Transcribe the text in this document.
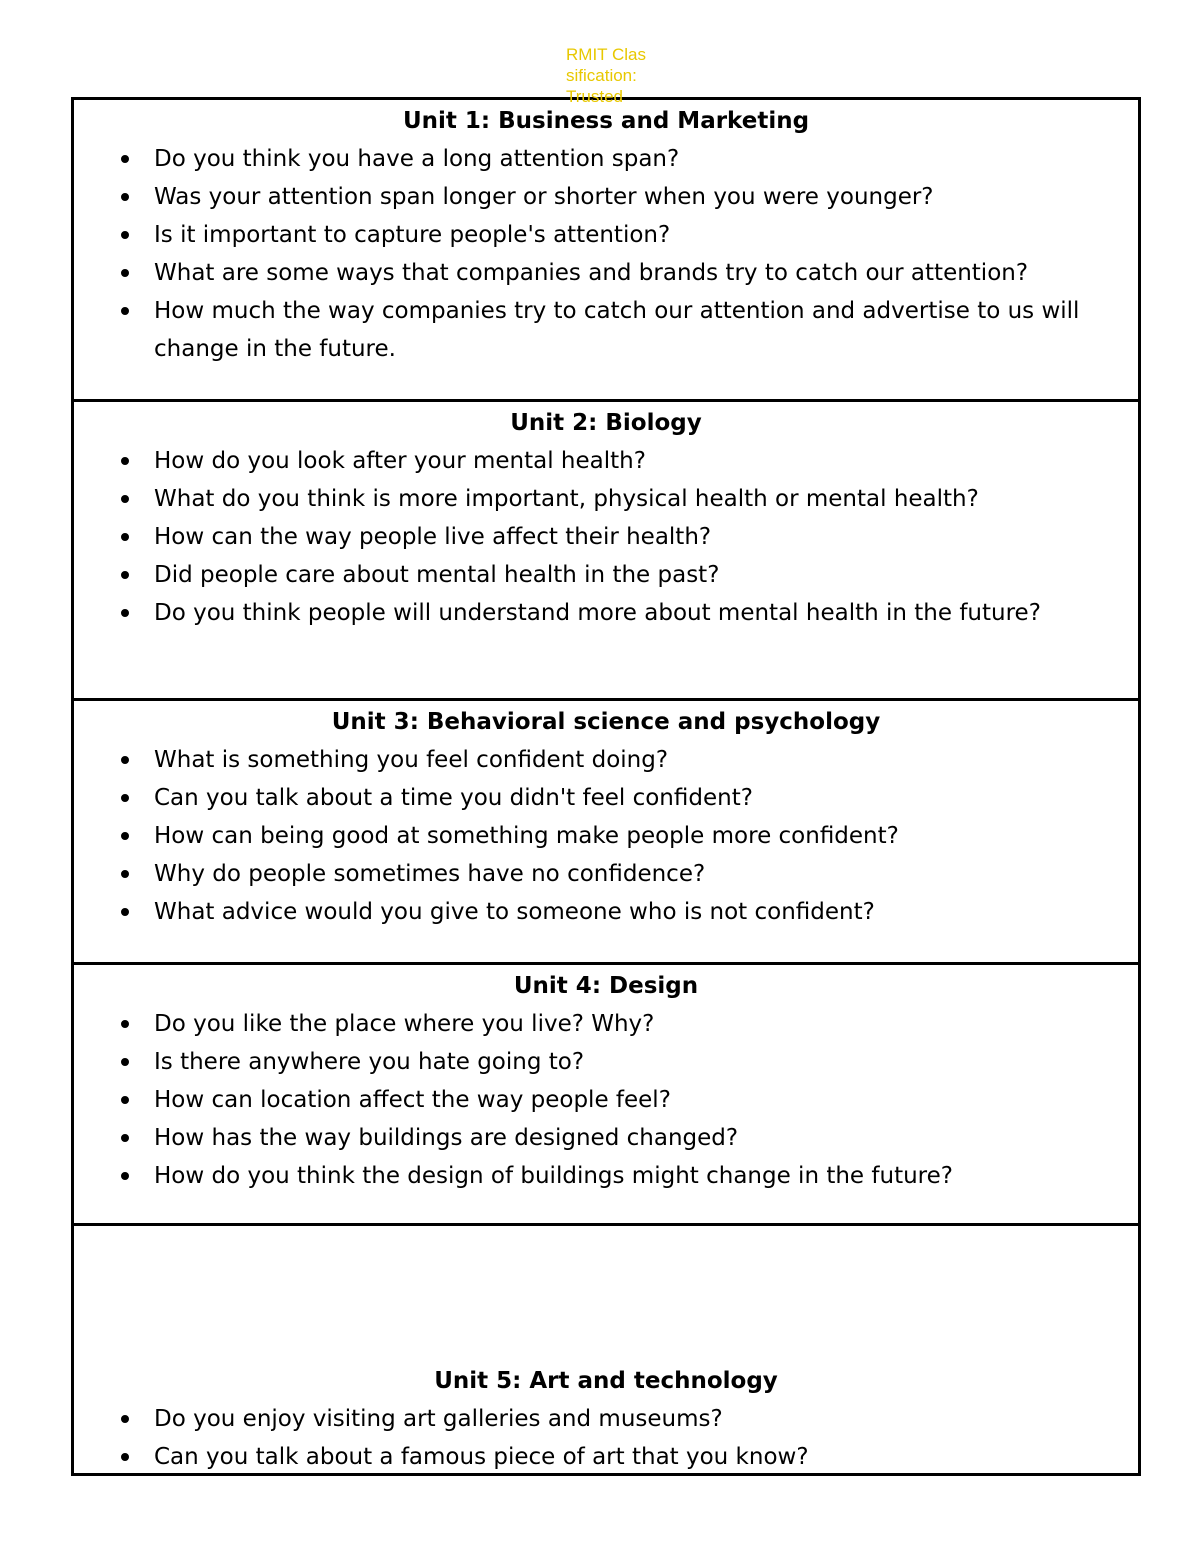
RMIT Classification: Trusted
Unit 1: Business and Marketing
Do you think you have a long attention span?
Was your attention span longer or shorter when you were younger?
Is it important to capture people's attention?
What are some ways that companies and brands try to catch our attention?
How much the way companies try to catch our attention and advertise to us will change in the future.
Unit 2: Biology
How do you look after your mental health?
What do you think is more important, physical health or mental health?
How can the way people live affect their health?
Did people care about mental health in the past?
Do you think people will understand more about mental health in the future?
Unit 3: Behavioral science and psychology
What is something you feel confident doing?
Can you talk about a time you didn't feel confident?
How can being good at something make people more confident?
Why do people sometimes have no confidence?
What advice would you give to someone who is not confident?
Unit 4: Design
Do you like the place where you live? Why?
Is there anywhere you hate going to?
How can location affect the way people feel?
How has the way buildings are designed changed?
How do you think the design of buildings might change in the future?
Unit 5: Art and technology
Do you enjoy visiting art galleries and museums?
Can you talk about a famous piece of art that you know?
